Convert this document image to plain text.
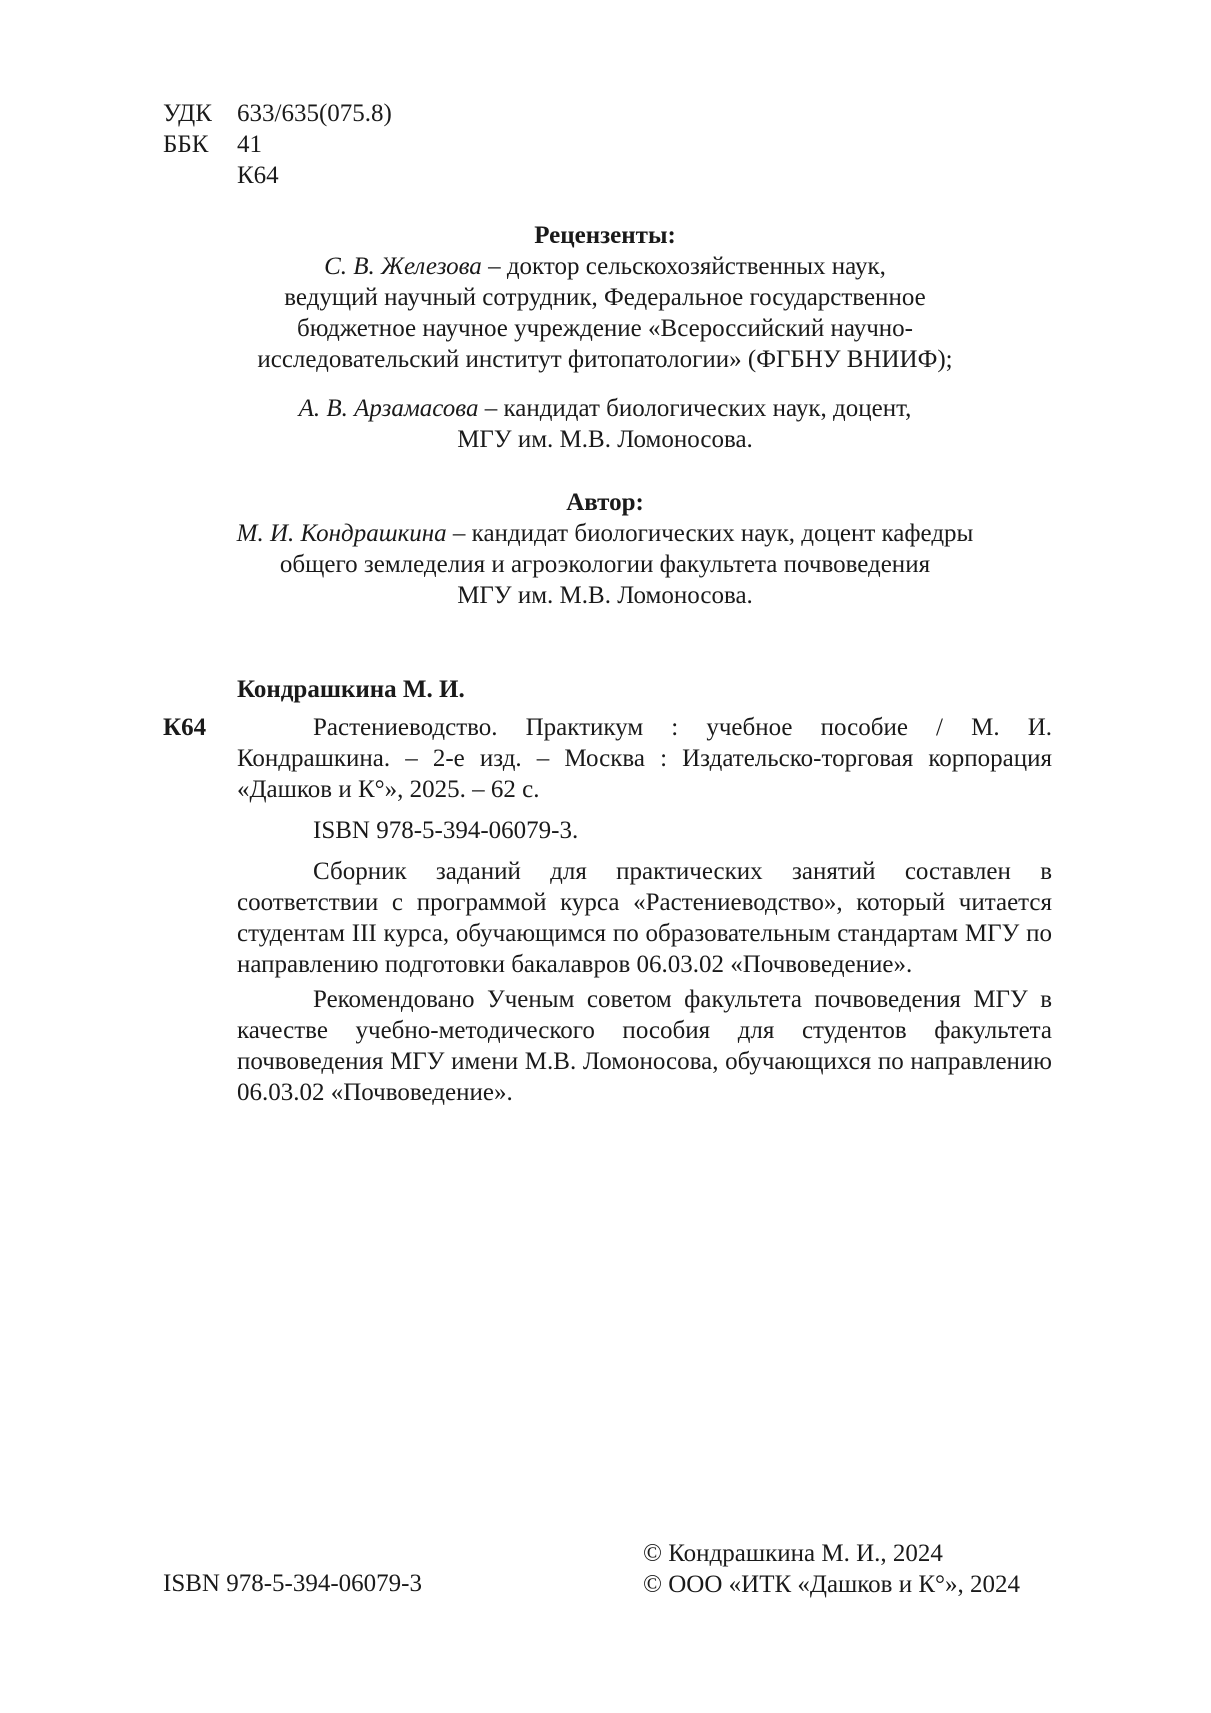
УДК 633/635(075.8)
ББК 41
К64
Рецензенты:
С. В. Железова – доктор сельскохозяйственных наук,
ведущий научный сотрудник, Федеральное государственное
бюджетное научное учреждение «Всероссийский научно-
исследовательский институт фитопатологии» (ФГБНУ ВНИИФ);
А. В. Арзамасова – кандидат биологических наук, доцент,
МГУ им. М.В. Ломоносова.
Автор:
М. И. Кондрашкина – кандидат биологических наук, доцент кафедры
общего земледелия и агроэкологии факультета почвоведения
МГУ им. М.В. Ломоносова.
Кондрашкина М. И.
К64	Растениеводство. Практикум : учебное пособие / М. И. Кондрашкина. – 2-е изд. – Москва : Издательско-торговая корпорация «Дашков и К°», 2025. – 62 с.

ISBN 978-5-394-06079-3.

Сборник заданий для практических занятий составлен в соответствии с программой курса «Растениеводство», который читается студентам III курса, обучающимся по образовательным стандартам МГУ по направлению подготовки бакалавров 06.03.02 «Почвоведение».

Рекомендовано Ученым советом факультета почвоведения МГУ в качестве учебно-методического пособия для студентов факультета почвоведения МГУ имени М.В. Ломоносова, обучающихся по направлению 06.03.02 «Почвоведение».

ISBN 978-5-394-06079-3
© Кондрашкина М. И., 2024
© ООО «ИТК «Дашков и К°», 2024
